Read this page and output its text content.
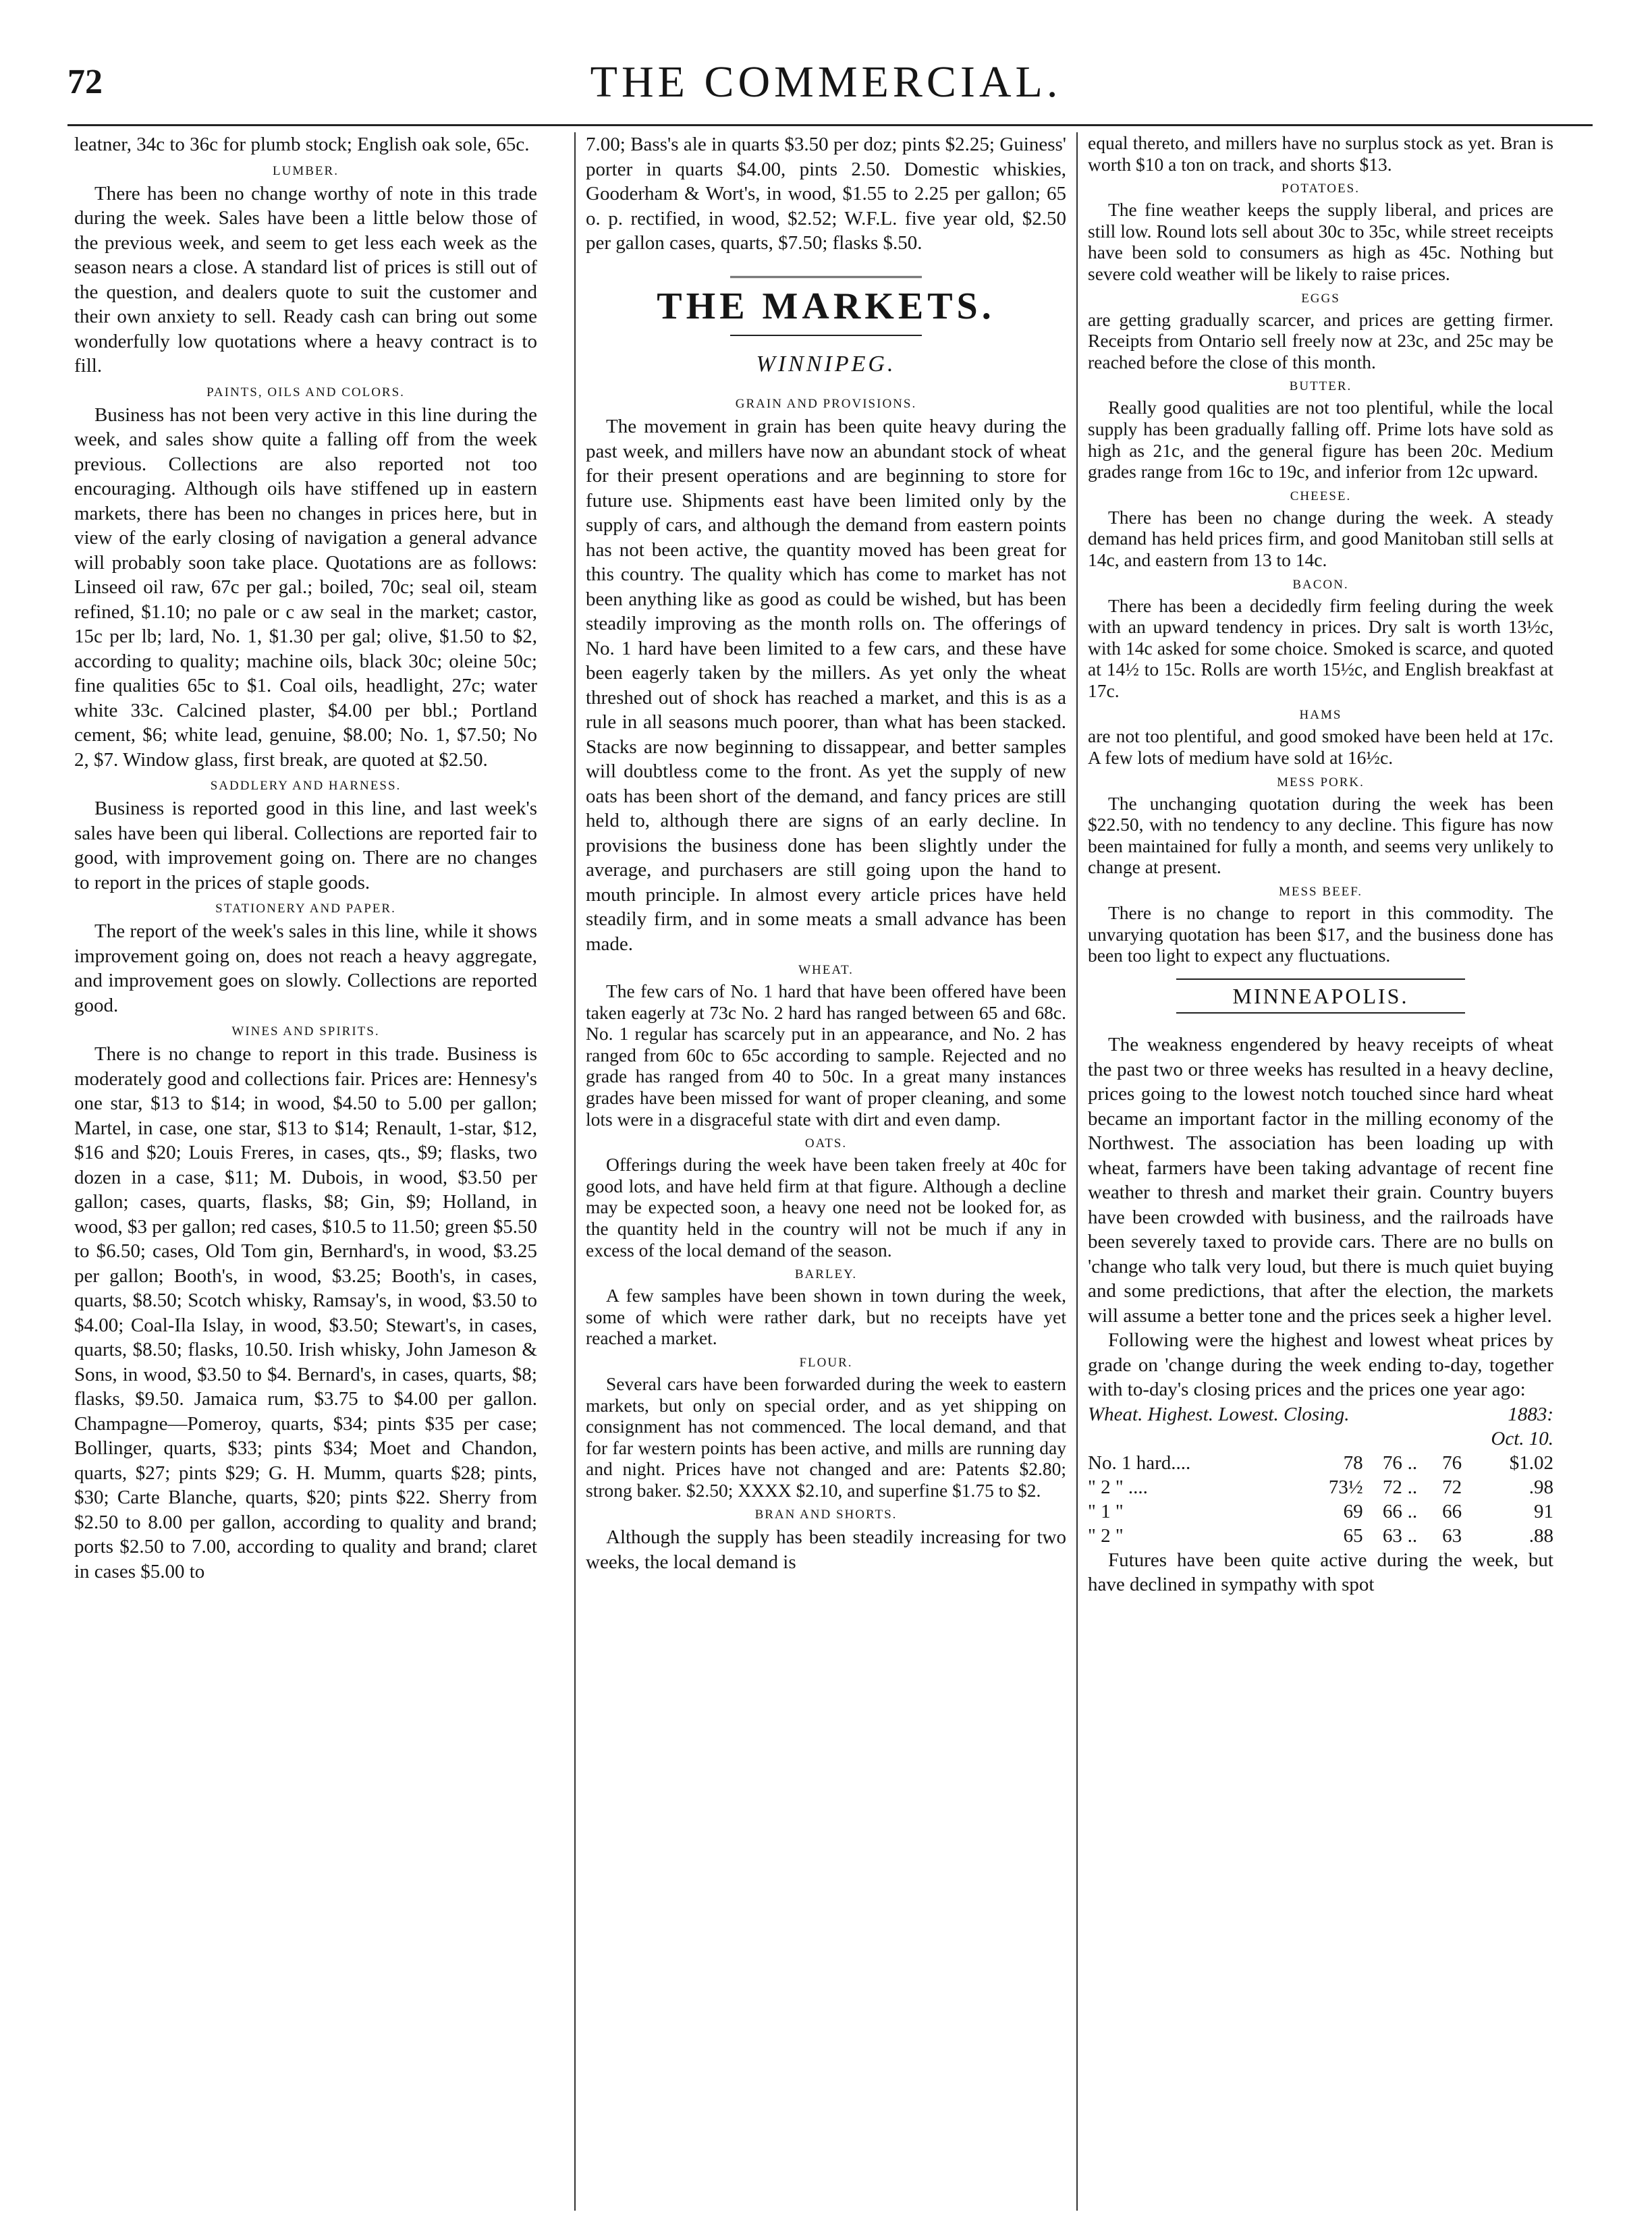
72	THE COMMERCIAL.

leatner, 34c to 36c for plumb stock; English oak sole, 65c.

LUMBER.

There has been no change worthy of note in this trade during the week. Sales have been a little below those of the previous week, and seem to get less each week as the season nears a close. A standard list of prices is still out of the question, and dealers quote to suit the customer and their own anxiety to sell. Ready cash can bring out some wonderfully low quotations where a heavy contract is to fill.

PAINTS, OILS AND COLORS.

Business has not been very active in this line during the week, and sales show quite a falling off from the week previous. Collections are also reported not too encouraging. Although oils have stiffened up in eastern markets, there has been no changes in prices here, but in view of the early closing of navigation a general advance will probably soon take place. Quotations are as follows: Linseed oil raw, 67c per gal.; boiled, 70c; seal oil, steam refined, $1.10; no pale or c aw seal in the market; castor, 15c per lb; lard, No. 1, $1.30 per gal; olive, $1.50 to $2, according to quality; machine oils, black 30c; oleine 50c; fine qualities 65c to $1. Coal oils, headlight, 27c; water white 33c. Calcined plaster, $4.00 per bbl.; Portland cement, $6; white lead, genuine, $8.00; No. 1, $7.50; No 2, $7. Window glass, first break, are quoted at $2.50.

SADDLERY AND HARNESS.

Business is reported good in this line, and last week's sales have been qui liberal. Collections are reported fair to good, with improvement going on. There are no changes to report in the prices of staple goods.

STATIONERY AND PAPER.

The report of the week's sales in this line, while it shows improvement going on, does not reach a heavy aggregate, and improvement goes on slowly. Collections are reported good.

WINES AND SPIRITS.

There is no change to report in this trade. Business is moderately good and collections fair. Prices are: Hennesy's one star, $13 to $14; in wood, $4.50 to 5.00 per gallon; Martel, in case, one star, $13 to $14; Renault, 1-star, $12, $16 and $20; Louis Freres, in cases, qts., $9; flasks, two dozen in a case, $11; M. Dubois, in wood, $3.50 per gallon; cases, quarts, flasks, $8; Gin, $9; Holland, in wood, $3 per gallon; red cases, $10.5 to 11.50; green $5.50 to $6.50; cases, Old Tom gin, Bernhard's, in wood, $3.25 per gallon; Booth's, in wood, $3.25; Booth's, in cases, quarts, $8.50; Scotch whisky, Ramsay's, in wood, $3.50 to $4.00; Coal-Ila Islay, in wood, $3.50; Stewart's, in cases, quarts, $8.50; flasks, 10.50. Irish whisky, John Jameson & Sons, in wood, $3.50 to $4. Bernard's, in cases, quarts, $8; flasks, $9.50. Jamaica rum, $3.75 to $4.00 per gallon. Champagne—Pomeroy, quarts, $34; pints $35 per case; Bollinger, quarts, $33; pints $34; Moet and Chandon, quarts, $27; pints $29; G. H. Mumm, quarts $28; pints, $30; Carte Blanche, quarts, $20; pints $22. Sherry from $2.50 to 8.00 per gallon, according to quality and brand; ports $2.50 to 7.00, according to quality and brand; claret in cases $5.00 to

7.00; Bass's ale in quarts $3.50 per doz; pints $2.25; Guiness' porter in quarts $4.00, pints 2.50. Domestic whiskies, Gooderham & Wort's, in wood, $1.55 to 2.25 per gallon; 65 o. p. rectified, in wood, $2.52; W.F.L. five year old, $2.50 per gallon cases, quarts, $7.50; flasks $.50.

THE MARKETS.
WINNIPEG.
GRAIN AND PROVISIONS.

The movement in grain has been quite heavy during the past week, and millers have now an abundant stock of wheat for their present operations and are beginning to store for future use. Shipments east have been limited only by the supply of cars, and although the demand from eastern points has not been active, the quantity moved has been great for this country. The quality which has come to market has not been anything like as good as could be wished, but has been steadily improving as the month rolls on. The offerings of No. 1 hard have been limited to a few cars, and these have been eagerly taken by the millers. As yet only the wheat threshed out of shock has reached a market, and this is as a rule in all seasons much poorer, than what has been stacked. Stacks are now beginning to dissappear, and better samples will doubtless come to the front. As yet the supply of new oats has been short of the demand, and fancy prices are still held to, although there are signs of an early decline. In provisions the business done has been slightly under the average, and purchasers are still going upon the hand to mouth principle. In almost every article prices have held steadily firm, and in some meats a small advance has been made.

WHEAT.

The few cars of No. 1 hard that have been offered have been taken eagerly at 73c No. 2 hard has ranged between 65 and 68c. No. 1 regular has scarcely put in an appearance, and No. 2 has ranged from 60c to 65c according to sample. Rejected and no grade has ranged from 40 to 50c. In a great many instances grades have been missed for want of proper cleaning, and some lots were in a disgraceful state with dirt and even damp.

OATS.

Offerings during the week have been taken freely at 40c for good lots, and have held firm at that figure. Although a decline may be expected soon, a heavy one need not be looked for, as the quantity held in the country will not be much if any in excess of the local demand of the season.

BARLEY.

A few samples have been shown in town during the week, some of which were rather dark, but no receipts have yet reached a market.

FLOUR.

Several cars have been forwarded during the week to eastern markets, but only on special order, and as yet shipping on consignment has not commenced. The local demand, and that for far western points has been active, and mills are running day and night. Prices have not changed and are: Patents $2.80; strong baker. $2.50; XXXX $2.10, and superfine $1.75 to $2.

BRAN AND SHORTS.

Although the supply has been steadily increasing for two weeks, the local demand is

equal thereto, and millers have no surplus stock as yet. Bran is worth $10 a ton on track, and shorts $13.

POTATOES.

The fine weather keeps the supply liberal, and prices are still low. Round lots sell about 30c to 35c, while street receipts have been sold to consumers as high as 45c. Nothing but severe cold weather will be likely to raise prices.

EGGS

are getting gradually scarcer, and prices are getting firmer. Receipts from Ontario sell freely now at 23c, and 25c may be reached before the close of this month.

BUTTER.

Really good qualities are not too plentiful, while the local supply has been gradually falling off. Prime lots have sold as high as 21c, and the general figure has been 20c. Medium grades range from 16c to 19c, and inferior from 12c upward.

CHEESE.

There has been no change during the week. A steady demand has held prices firm, and good Manitoban still sells at 14c, and eastern from 13 to 14c.

BACON.

There has been a decidedly firm feeling during the week with an upward tendency in prices. Dry salt is worth 13½c, with 14c asked for some choice. Smoked is scarce, and quoted at 14½ to 15c. Rolls are worth 15½c, and English breakfast at 17c.

HAMS

are not too plentiful, and good smoked have been held at 17c. A few lots of medium have sold at 16½c.

MESS PORK.

The unchanging quotation during the week has been $22.50, with no tendency to any decline. This figure has now been maintained for fully a month, and seems very unlikely to change at present.

MESS BEEF.

There is no change to report in this commodity. The unvarying quotation has been $17, and the business done has been too light to expect any fluctuations.

MINNEAPOLIS.

The weakness engendered by heavy receipts of wheat the past two or three weeks has resulted in a heavy decline, prices going to the lowest notch touched since hard wheat became an important factor in the milling economy of the Northwest. The association has been loading up with wheat, farmers have been taking advantage of recent fine weather to thresh and market their grain. Country buyers have been crowded with business, and the railroads have been severely taxed to provide cars. There are no bulls on 'change who talk very loud, but there is much quiet buying and some predictions, that after the election, the markets will assume a better tone and the prices seek a higher level.

Following were the highest and lowest wheat prices by grade on 'change during the week ending to-day, together with to-day's closing prices and the prices one year ago:

Wheat. Highest. Lowest. Closing.					1883:
					Oct. 10.
No. 1 hard....	78	76	..	76	$1.02
" 2 " ....	73½	72	..	72	.98
" 1 "	69	66	..	66	91
" 2 "	65	63	..	63	.88

Futures have been quite active during the week, but have declined in sympathy with spot
